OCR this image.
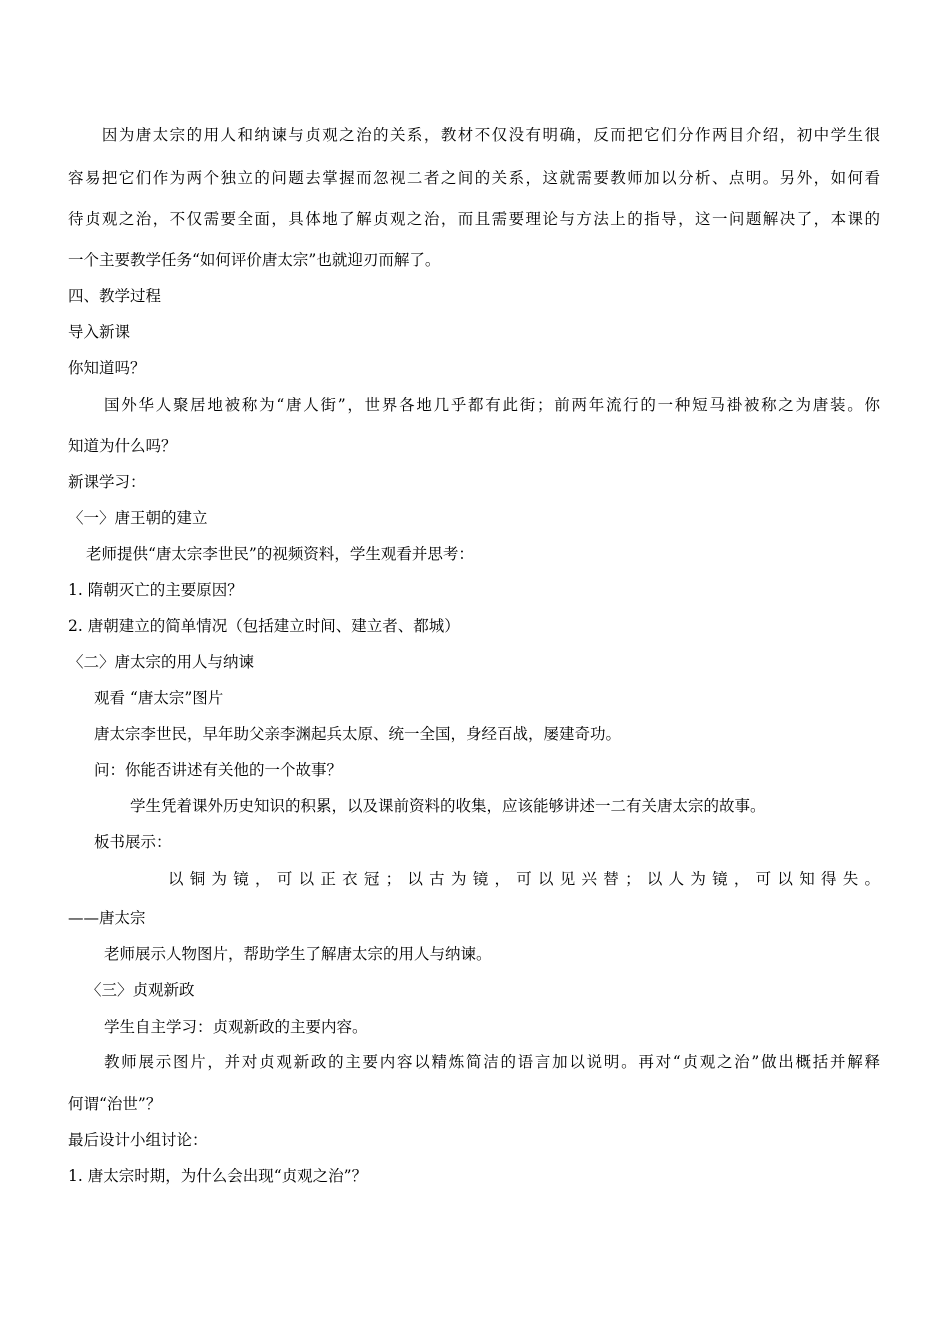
　　因为唐太宗的用人和纳谏与贞观之治的关系，教材不仅没有明确，反而把它们分作两目介绍，初中学生很
容易把它们作为两个独立的问题去掌握而忽视二者之间的关系，这就需要教师加以分析、点明。另外，如何看
待贞观之治，不仅需要全面，具体地了解贞观之治，而且需要理论与方法上的指导，这一问题解决了，本课的
一个主要教学任务“如何评价唐太宗”也就迎刃而解了。
四、教学过程
导入新课
你知道吗？
国外华人聚居地被称为“唐人街”，世界各地几乎都有此街；前两年流行的一种短马褂被称之为唐装。你
知道为什么吗？
新课学习：
〈一〉唐王朝的建立
老师提供“唐太宗李世民”的视频资料，学生观看并思考：
1. 隋朝灭亡的主要原因？
2. 唐朝建立的简单情况（包括建立时间、建立者、都城）
〈二〉唐太宗的用人与纳谏
观看 “唐太宗”图片
唐太宗李世民，早年助父亲李渊起兵太原、统一全国，身经百战，屡建奇功。
问：你能否讲述有关他的一个故事？
学生凭着课外历史知识的积累，以及课前资料的收集，应该能够讲述一二有关唐太宗的故事。
板书展示：
以铜为镜，可以正衣冠；以古为镜，可以见兴替；以人为镜，可以知得失。
——唐太宗
老师展示人物图片，帮助学生了解唐太宗的用人与纳谏。
〈三〉贞观新政
学生自主学习：贞观新政的主要内容。
教师展示图片，并对贞观新政的主要内容以精炼简洁的语言加以说明。再对“贞观之治”做出概括并解释
何谓“治世”？
最后设计小组讨论：
1. 唐太宗时期，为什么会出现“贞观之治”？
